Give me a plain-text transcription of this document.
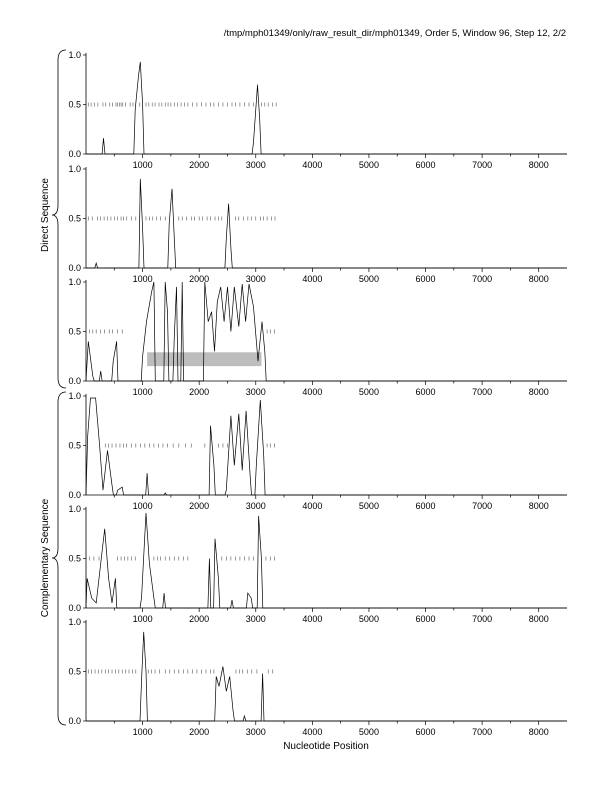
/tmp/mph01349/only/raw_result_dir/mph01349, Order 5, Window 96, Step 12, 2/2
0.0
0.5
1.0
1000	2000	3000	4000	5000	6000	7000	8000
0.0
0.5
1.0
1000	2000	3000	4000	5000	6000	7000	8000
0.0
0.5
1.0
1000	2000	3000	4000	5000	6000	7000	8000
0.0
0.5
1.0
1000	2000	3000	4000	5000	6000	7000	8000
0.0
0.5
1.0
1000	2000	3000	4000	5000	6000	7000	8000
0.0
0.5
1.0
1000	2000	3000	4000	5000	6000	7000	8000
Direct Sequence
Complementary Sequence
Nucleotide Position
